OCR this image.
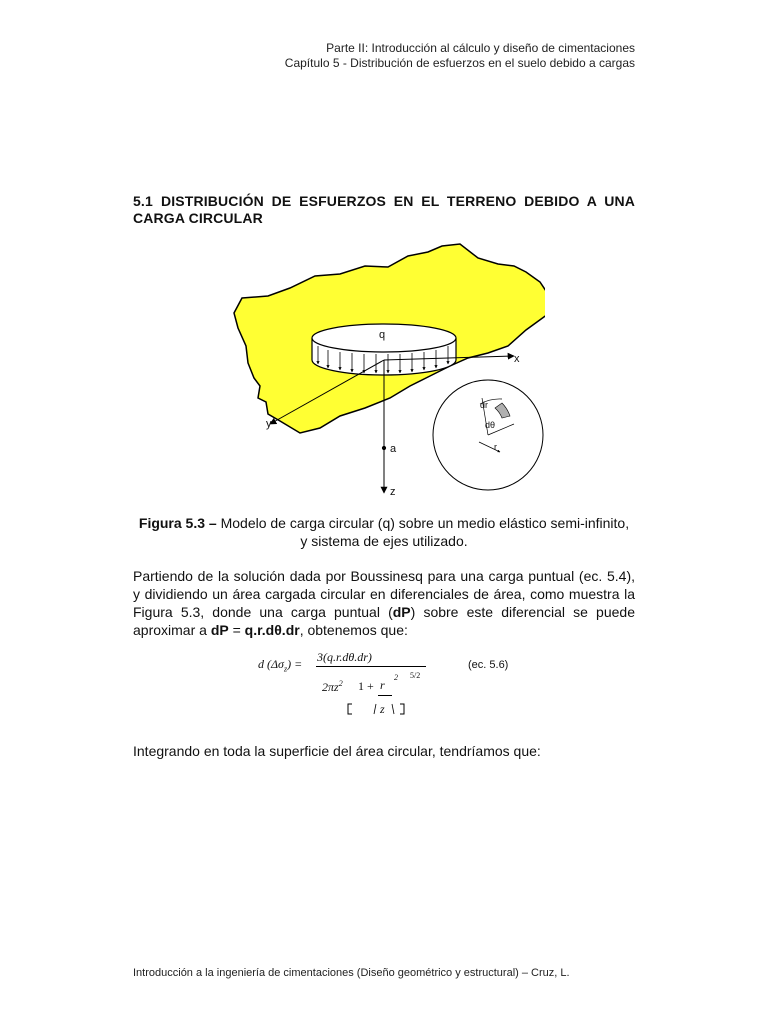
Parte II: Introducción al cálculo y diseño de cimentaciones
Capítulo 5 - Distribución de esfuerzos en el suelo debido a cargas
5.1 DISTRIBUCIÓN DE ESFUERZOS EN EL TERRENO DEBIDO A UNA
CARGA CIRCULAR
q
x
y
a
z
dr
dθ
r
Figura 5.3 – Modelo de carga circular (q) sobre un medio elástico semi-infinito,
y sistema de ejes utilizado.
Partiendo de la solución dada por Boussinesq para una carga puntual (ec. 5.4),
y dividiendo un área cargada circular en diferenciales de área, como muestra la
Figura 5.3, donde una carga puntual (dP) sobre este diferencial se puede
aproximar a dP = q.r.dθ.dr, obtenemos que:
d $(\Delta\sigma_z) = 3(q.r.d\theta.dr)$
$2\pi z^2$ 1 + r
z
2 5/2
(ec. 5.6)
Integrando en toda la superficie del área circular, tendríamos que:
Introducción a la ingeniería de cimentaciones (Diseño geométrico y estructural) – Cruz, L.
